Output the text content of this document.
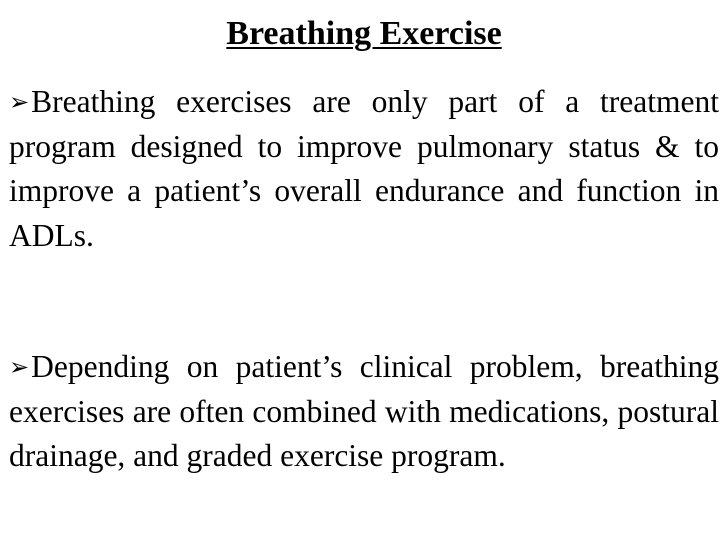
Breathing Exercise
➢Breathing exercises are only part of a treatment program designed to improve pulmonary status & to improve a patient’s overall endurance and function in ADLs.
➢Depending on patient’s clinical problem, breathing exercises are often combined with medications, postural drainage, and graded exercise program.
